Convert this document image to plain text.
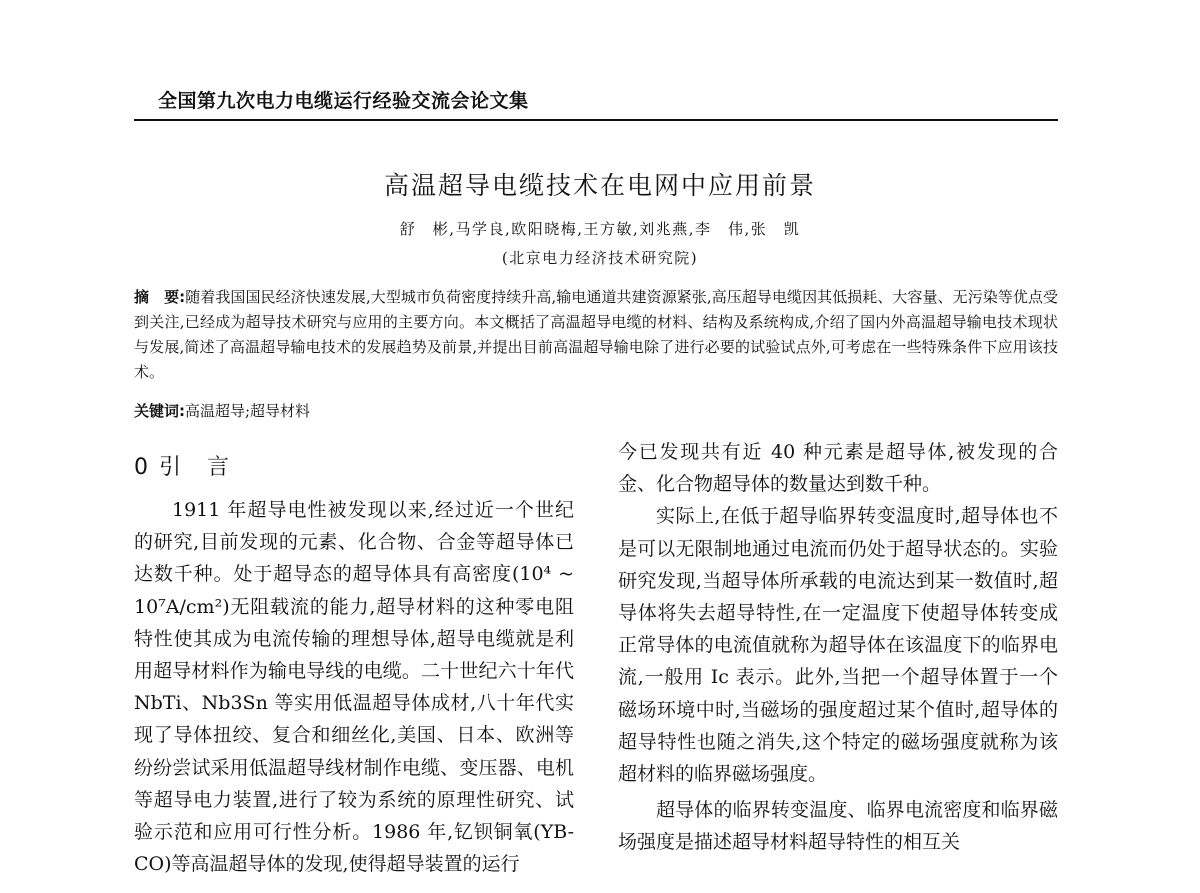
全国第九次电力电缆运行经验交流会论文集
高温超导电缆技术在电网中应用前景
舒　彬,马学良,欧阳晓梅,王方敏,刘兆燕,李　伟,张　凯
(北京电力经济技术研究院)
摘　要:随着我国国民经济快速发展,大型城市负荷密度持续升高,输电通道共建资源紧张,高压超导电缆因其低损耗、大容量、无污染等优点受到关注,已经成为超导技术研究与应用的主要方向。本文概括了高温超导电缆的材料、结构及系统构成,介绍了国内外高温超导输电技术现状与发展,简述了高温超导输电技术的发展趋势及前景,并提出目前高温超导输电除了进行必要的试验试点外,可考虑在一些特殊条件下应用该技术。
关键词:高温超导;超导材料
0 引　言

1911 年超导电性被发现以来,经过近一个世纪的研究,目前发现的元素、化合物、合金等超导体已达数千种。处于超导态的超导体具有高密度(10⁴ ~ 10⁷A/cm²)无阻载流的能力,超导材料的这种零电阻特性使其成为电流传输的理想导体,超导电缆就是利用超导材料作为输电导线的电缆。二十世纪六十年代 NbTi、Nb3Sn 等实用低温超导体成材,八十年代实现了导体扭绞、复合和细丝化,美国、日本、欧洲等纷纷尝试采用低温超导线材制作电缆、变压器、电机等超导电力装置,进行了较为系统的原理性研究、试验示范和应用可行性分析。1986 年,钇钡铜氧(YB-CO)等高温超导体的发现,使得超导装置的运行

今已发现共有近 40 种元素是超导体,被发现的合金、化合物超导体的数量达到数千种。

实际上,在低于超导临界转变温度时,超导体也不是可以无限制地通过电流而仍处于超导状态的。实验研究发现,当超导体所承载的电流达到某一数值时,超导体将失去超导特性,在一定温度下使超导体转变成正常导体的电流值就称为超导体在该温度下的临界电流,一般用 Ic 表示。此外,当把一个超导体置于一个磁场环境中时,当磁场的强度超过某个值时,超导体的超导特性也随之消失,这个特定的磁场强度就称为该超材料的临界磁场强度。

超导体的临界转变温度、临界电流密度和临界磁场强度是描述超导材料超导特性的相互关
